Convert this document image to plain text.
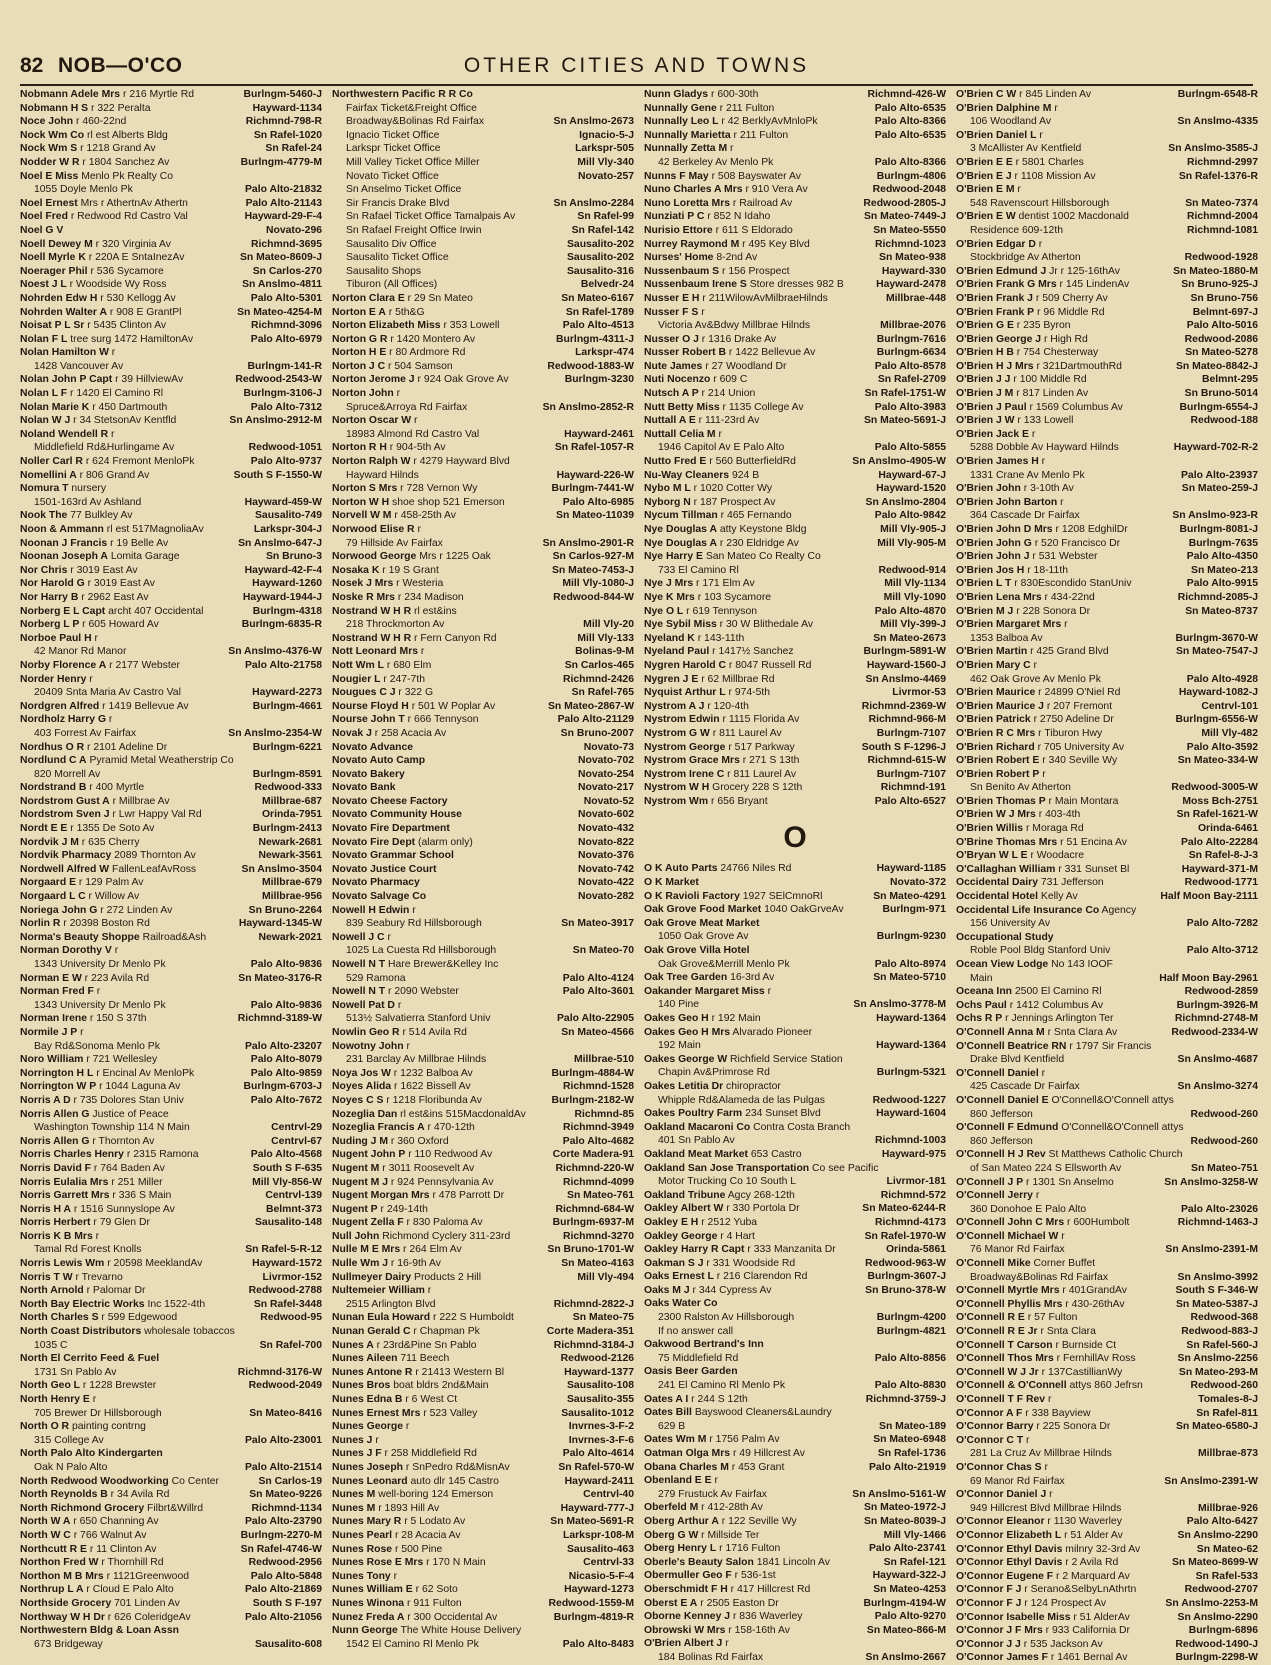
82 NOB—O'CO	OTHER CITIES AND TOWNS
Burlngm-5460-J
Nobmann Adele Mrs r 216 Myrtle Rd
Hayward-1134
Nobmann H S r 322 Peralta
Richmnd-798-R
Noce John r 460-22nd
Sn Rafel-1020
Nock Wm Co rl est Alberts Bldg
Sn Rafel-24
Nock Wm S r 1218 Grand Av
Burlngm-4779-M
Nodder W R r 1804 Sanchez Av
Noel E Miss Menlo Pk Realty Co
Palo Alto-21832
1055 Doyle Menlo Pk
Palo Alto-21143
Noel Ernest Mrs r AthertnAv Athertn
Hayward-29-F-4
Noel Fred r Redwood Rd Castro Val
Novato-296
Noel G V
Richmnd-3695
Noell Dewey M r 320 Virginia Av
Sn Mateo-8609-J
Noell Myrle K r 220A E SntaInezAv
Sn Carlos-270
Noerager Phil r 536 Sycamore
Sn Anslmo-4811
Noest J L r Woodside Wy Ross
Palo Alto-5301
Nohrden Edw H r 530 Kellogg Av
Sn Mateo-4254-M
Nohrden Walter A r 908 E GrantPl
Richmnd-3096
Noisat P L Sr r 5435 Clinton Av
Palo Alto-6979
Nolan F L tree surg 1472 HamiltonAv
Nolan Hamilton W r
Burlngm-141-R
1428 Vancouver Av
Redwood-2543-W
Nolan John P Capt r 39 HillviewAv
Burlngm-3106-J
Nolan L F r 1420 El Camino Rl
Palo Alto-7312
Nolan Marie K r 450 Dartmouth
Sn Anslmo-2912-M
Nolan W J r 34 StetsonAv Kentfld
Noland Wendell R r
Redwood-1051
Middlefield Rd&Hurlingame Av
Palo Alto-9737
Noller Carl R r 624 Fremont MenloPk
South S F-1550-W
Nomellini A r 806 Grand Av
Nomura T nursery
Hayward-459-W
1501-163rd Av Ashland
Sausalito-749
Nook The 77 Bulkley Av
Larkspr-304-J
Noon & Ammann rl est 517MagnoliaAv
Sn Anslmo-647-J
Noonan J Francis r 19 Belle Av
Sn Bruno-3
Noonan Joseph A Lomita Garage
Hayward-42-F-4
Nor Chris r 3019 East Av
Hayward-1260
Nor Harold G r 3019 East Av
Hayward-1944-J
Nor Harry B r 2962 East Av
Burlngm-4318
Norberg E L Capt archt 407 Occidental
Burlngm-6835-R
Norberg L P r 605 Howard Av
Norboe Paul H r
Sn Anslmo-4376-W
42 Manor Rd Manor
Palo Alto-21758
Norby Florence A r 2177 Webster
Norder Henry r
Hayward-2273
20409 Snta Maria Av Castro Val
Burlngm-4661
Nordgren Alfred r 1419 Bellevue Av
Nordholz Harry G r
Sn Anslmo-2354-W
403 Forrest Av Fairfax
Burlngm-6221
Nordhus O R r 2101 Adeline Dr
Nordlund C A Pyramid Metal Weatherstrip Co
Burlngm-8591
820 Morrell Av
Redwood-333
Nordstrand B r 400 Myrtle
Millbrae-687
Nordstrom Gust A r Millbrae Av
Orinda-7951
Nordstrom Sven J r Lwr Happy Val Rd
Burlngm-2413
Nordt E E r 1355 De Soto Av
Newark-2681
Nordvik J M r 635 Cherry
Newark-3561
Nordvik Pharmacy 2089 Thornton Av
Sn Anslmo-3504
Nordwell Alfred W FallenLeafAvRoss
Millbrae-679
Norgaard E r 129 Palm Av
Millbrae-956
Norgaard L C r Willow Av
Sn Bruno-2264
Noriega John G r 272 Linden Av
Hayward-1345-W
Norlin R r 20398 Boston Rd
Newark-2021
Norma's Beauty Shoppe Railroad&Ash
Norman Dorothy V r
Palo Alto-9836
1343 University Dr Menlo Pk
Sn Mateo-3176-R
Norman E W r 223 Avila Rd
Norman Fred F r
Palo Alto-9836
1343 University Dr Menlo Pk
Richmnd-3189-W
Norman Irene r 150 S 37th
Normile J P r
Palo Alto-23207
Bay Rd&Sonoma Menlo Pk
Palo Alto-8079
Noro William r 721 Wellesley
Palo Alto-9859
Norrington H L r Encinal Av MenloPk
Burlngm-6703-J
Norrington W P r 1044 Laguna Av
Palo Alto-7672
Norris A D r 735 Dolores Stan Univ
Norris Allen G Justice of Peace
Centrvl-29
Washington Township 114 N Main
Centrvl-67
Norris Allen G r Thornton Av
Palo Alto-4568
Norris Charles Henry r 2315 Ramona
South S F-635
Norris David F r 764 Baden Av
Mill Vly-856-W
Norris Eulalia Mrs r 251 Miller
Centrvl-139
Norris Garrett Mrs r 336 S Main
Belmnt-373
Norris H A r 1516 Sunnyslope Av
Sausalito-148
Norris Herbert r 79 Glen Dr
Norris K B Mrs r
Sn Rafel-5-R-12
Tamal Rd Forest Knolls
Hayward-1572
Norris Lewis Wm r 20598 MeeklandAv
Livrmor-152
Norris T W r Trevarno
Redwood-2788
North Arnold r Palomar Dr
Sn Rafel-3448
North Bay Electric Works Inc 1522-4th
Redwood-95
North Charles S r 599 Edgewood
North Coast Distributors wholesale tobaccos
Sn Rafel-700
1035 C
North El Cerrito Feed & Fuel
Richmnd-3176-W
1731 Sn Pablo Av
Redwood-2049
North Geo L r 1228 Brewster
North Henry E r
Sn Mateo-8416
705 Brewer Dr Hillsborough
North O R painting contrng
Palo Alto-23001
315 College Av
North Palo Alto Kindergarten
Palo Alto-21514
Oak N Palo Alto
Sn Carlos-19
North Redwood Woodworking Co Center
Sn Mateo-9226
North Reynolds B r 34 Avila Rd
Richmnd-1134
North Richmond Grocery Filbrt&Willrd
Palo Alto-23790
North W A r 650 Channing Av
Burlngm-2270-M
North W C r 766 Walnut Av
Sn Rafel-4746-W
Northcutt R E r 11 Clinton Av
Redwood-2956
Northon Fred W r Thornhill Rd
Palo Alto-5848
Northon M B Mrs r 1121Greenwood
Palo Alto-21869
Northrup L A r Cloud E Palo Alto
South S F-197
Northside Grocery 701 Linden Av
Palo Alto-21056
Northway W H Dr r 626 ColeridgeAv
Northwestern Bldg & Loan Assn
Sausalito-608
673 Bridgeway
Northwestern Pacific R R Co
Fairfax Ticket&Freight Office
Sn Anslmo-2673
Broadway&Bolinas Rd Fairfax
Ignacio-5-J
Ignacio Ticket Office
Larkspr-505
Larkspr Ticket Office
Mill Vly-340
Mill Valley Ticket Office Miller
Novato-257
Novato Ticket Office
Sn Anselmo Ticket Office
Sn Anslmo-2284
Sir Francis Drake Blvd
Sn Rafel-99
Sn Rafael Ticket Office Tamalpais Av
Sn Rafel-142
Sn Rafael Freight Office Irwin
Sausalito-202
Sausalito Div Office
Sausalito-202
Sausalito Ticket Office
Sausalito-316
Sausalito Shops
Belvedr-24
Tiburon (All Offices)
Sn Mateo-6167
Norton Clara E r 29 Sn Mateo
Sn Rafel-1789
Norton E A r 5th&G
Palo Alto-4513
Norton Elizabeth Miss r 353 Lowell
Burlngm-4311-J
Norton G R r 1420 Montero Av
Larkspr-474
Norton H E r 80 Ardmore Rd
Redwood-1883-W
Norton J C r 504 Samson
Burlngm-3230
Norton Jerome J r 924 Oak Grove Av
Norton John r
Sn Anslmo-2852-R
Spruce&Arroya Rd Fairfax
Norton Oscar W r
Hayward-2461
18983 Almond Rd Castro Val
Sn Rafel-1057-R
Norton R H r 904-5th Av
Norton Ralph W r 4279 Hayward Blvd
Hayward-226-W
Hayward Hilnds
Burlngm-7441-W
Norton S Mrs r 728 Vernon Wy
Palo Alto-6985
Norton W H shoe shop 521 Emerson
Sn Mateo-11039
Norvell W M r 458-25th Av
Norwood Elise R r
Sn Anslmo-2901-R
79 Hillside Av Fairfax
Sn Carlos-927-M
Norwood George Mrs r 1225 Oak
Sn Mateo-7453-J
Nosaka K r 19 S Grant
Mill Vly-1080-J
Nosek J Mrs r Westeria
Redwood-844-W
Noske R Mrs r 234 Madison
Nostrand W H R rl est&ins
Mill Vly-20
218 Throckmorton Av
Mill Vly-133
Nostrand W H R r Fern Canyon Rd
Bolinas-9-M
Nott Leonard Mrs r
Sn Carlos-465
Nott Wm L r 680 Elm
Richmnd-2426
Nougier L r 247-7th
Sn Rafel-765
Nougues C J r 322 G
Sn Mateo-2867-W
Nourse Floyd H r 501 W Poplar Av
Palo Alto-21129
Nourse John T r 666 Tennyson
Sn Bruno-2007
Novak J r 258 Acacia Av
Novato-73
Novato Advance
Novato-702
Novato Auto Camp
Novato-254
Novato Bakery
Novato-217
Novato Bank
Novato-52
Novato Cheese Factory
Novato-602
Novato Community House
Novato-432
Novato Fire Department
Novato-822
Novato Fire Dept (alarm only)
Novato-376
Novato Grammar School
Novato-742
Novato Justice Court
Novato-422
Novato Pharmacy
Novato-282
Novato Salvage Co
Nowell H Edwin r
Sn Mateo-3917
839 Seabury Rd Hillsborough
Nowell J C r
Sn Mateo-70
1025 La Cuesta Rd Hillsborough
Nowell N T Hare Brewer&Kelley Inc
Palo Alto-4124
529 Ramona
Palo Alto-3601
Nowell N T r 2090 Webster
Nowell Pat D r
Palo Alto-22905
513½ Salvatierra Stanford Univ
Sn Mateo-4566
Nowlin Geo R r 514 Avila Rd
Nowotny John r
Millbrae-510
231 Barclay Av Millbrae Hilnds
Burlngm-4884-W
Noya Jos W r 1232 Balboa Av
Richmnd-1528
Noyes Alida r 1622 Bissell Av
Burlngm-2182-W
Noyes C S r 1218 Floribunda Av
Richmnd-85
Nozeglia Dan rl est&ins 515MacdonaldAv
Richmnd-3949
Nozeglia Francis A r 470-12th
Palo Alto-4682
Nuding J M r 360 Oxford
Corte Madera-91
Nugent John P r 110 Redwood Av
Richmnd-220-W
Nugent M r 3011 Roosevelt Av
Richmnd-4099
Nugent M J r 924 Pennsylvania Av
Sn Mateo-761
Nugent Morgan Mrs r 478 Parrott Dr
Richmnd-684-W
Nugent P r 249-14th
Burlngm-6937-M
Nugent Zella F r 830 Paloma Av
Richmnd-3270
Null John Richmond Cyclery 311-23rd
Sn Bruno-1701-W
Nulle M E Mrs r 264 Elm Av
Sn Mateo-4163
Nulle Wm J r 16-9th Av
Mill Vly-494
Nullmeyer Dairy Products 2 Hill
Nultemeier William r
Richmnd-2822-J
2515 Arlington Blvd
Sn Mateo-75
Nunan Eula Howard r 222 S Humboldt
Corte Madera-351
Nunan Gerald C r Chapman Pk
Richmnd-3184-J
Nunes A r 23rd&Pine Sn Pablo
Redwood-2126
Nunes Aileen 711 Beech
Hayward-1377
Nunes Antone R r 21413 Western Bl
Sausalito-108
Nunes Bros boat bldrs 2nd&Main
Sausalito-355
Nunes Edna B r 6 West Ct
Sausalito-1012
Nunes Ernest Mrs r 523 Valley
Invrnes-3-F-2
Nunes George r
Invrnes-3-F-6
Nunes J r
Palo Alto-4614
Nunes J F r 258 Middlefield Rd
Sn Rafel-570-W
Nunes Joseph r SnPedro Rd&MisnAv
Hayward-2411
Nunes Leonard auto dlr 145 Castro
Centrvl-40
Nunes M well-boring 124 Emerson
Hayward-777-J
Nunes M r 1893 Hill Av
Sn Mateo-5691-R
Nunes Mary R r 5 Lodato Av
Larkspr-108-M
Nunes Pearl r 28 Acacia Av
Sausalito-463
Nunes Rose r 500 Pine
Centrvl-33
Nunes Rose E Mrs r 170 N Main
Nicasio-5-F-4
Nunes Tony r
Hayward-1273
Nunes William E r 62 Soto
Redwood-1559-M
Nunes Winona r 911 Fulton
Burlngm-4819-R
Nunez Freda A r 300 Occidental Av
Nunn George The White House Delivery
Palo Alto-8483
1542 El Camino Rl Menlo Pk
Richmnd-426-W
Nunn Gladys r 600-30th
Palo Alto-6535
Nunnally Gene r 211 Fulton
Palo Alto-8366
Nunnally Leo L r 42 BerklyAvMnloPk
Palo Alto-6535
Nunnally Marietta r 211 Fulton
Nunnally Zetta M r
Palo Alto-8366
42 Berkeley Av Menlo Pk
Burlngm-4806
Nunns F May r 508 Bayswater Av
Redwood-2048
Nuno Charles A Mrs r 910 Vera Av
Redwood-2805-J
Nuno Loretta Mrs r Railroad Av
Sn Mateo-7449-J
Nunziati P C r 852 N Idaho
Sn Mateo-5550
Nurisio Ettore r 611 S Eldorado
Richmnd-1023
Nurrey Raymond M r 495 Key Blvd
Sn Mateo-938
Nurses' Home 8-2nd Av
Hayward-330
Nussenbaum S r 156 Prospect
Hayward-2478
Nussenbaum Irene S Store dresses 982 B
Millbrae-448
Nusser E H r 211WilowAvMilbraeHilnds
Nusser F S r
Millbrae-2076
Victoria Av&Bdwy Millbrae Hilnds
Burlngm-7616
Nusser O J r 1316 Drake Av
Burlngm-6634
Nusser Robert B r 1422 Bellevue Av
Palo Alto-8578
Nute James r 27 Woodland Dr
Sn Rafel-2709
Nuti Nocenzo r 609 C
Sn Rafel-1751-W
Nutsch A P r 214 Union
Palo Alto-3983
Nutt Betty Miss r 1135 College Av
Sn Mateo-5691-J
Nuttall A E r 111-23rd Av
Nuttall Celia M r
Palo Alto-5855
1946 Capitol Av E Palo Alto
Sn Anslmo-4905-W
Nutto Fred E r 560 ButterfieldRd
Hayward-67-J
Nu-Way Cleaners 924 B
Hayward-1520
Nybo M L r 1020 Cotter Wy
Sn Anslmo-2804
Nyborg N r 187 Prospect Av
Palo Alto-9842
Nycum Tillman r 465 Fernando
Mill Vly-905-J
Nye Douglas A atty Keystone Bldg
Mill Vly-905-M
Nye Douglas A r 230 Eldridge Av
Nye Harry E San Mateo Co Realty Co
Redwood-914
733 El Camino Rl
Mill Vly-1134
Nye J Mrs r 171 Elm Av
Mill Vly-1090
Nye K Mrs r 103 Sycamore
Palo Alto-4870
Nye O L r 619 Tennyson
Mill Vly-399-J
Nye Sybil Miss r 30 W Blithedale Av
Sn Mateo-2673
Nyeland K r 143-11th
Burlngm-5891-W
Nyeland Paul r 1417½ Sanchez
Hayward-1560-J
Nygren Harold C r 8047 Russell Rd
Sn Anslmo-4469
Nygren J E r 62 Millbrae Rd
Livrmor-53
Nyquist Arthur L r 974-5th
Richmnd-2369-W
Nystrom A J r 120-4th
Richmnd-966-M
Nystrom Edwin r 1115 Florida Av
Burlngm-7107
Nystrom G W r 811 Laurel Av
South S F-1296-J
Nystrom George r 517 Parkway
Richmnd-615-W
Nystrom Grace Mrs r 271 S 13th
Burlngm-7107
Nystrom Irene C r 811 Laurel Av
Richmnd-191
Nystrom W H Grocery 228 S 12th
Palo Alto-6527
Nystrom Wm r 656 Bryant
O
Hayward-1185
O K Auto Parts 24766 Niles Rd
Novato-372
O K Market
Sn Mateo-4291
O K Ravioli Factory 1927 SElCmnoRl
Burlngm-971
Oak Grove Food Market 1040 OakGrveAv
Oak Grove Meat Market
Burlngm-9230
1050 Oak Grove Av
Oak Grove Villa Hotel
Palo Alto-8974
Oak Grove&Merrill Menlo Pk
Sn Mateo-5710
Oak Tree Garden 16-3rd Av
Oakander Margaret Miss r
Sn Anslmo-3778-M
140 Pine
Hayward-1364
Oakes Geo H r 192 Main
Oakes Geo H Mrs Alvarado Pioneer
Hayward-1364
192 Main
Oakes George W Richfield Service Station
Burlngm-5321
Chapin Av&Primrose Rd
Oakes Letitia Dr chiropractor
Redwood-1227
Whipple Rd&Alameda de las Pulgas
Hayward-1604
Oakes Poultry Farm 234 Sunset Blvd
Oakland Macaroni Co Contra Costa Branch
Richmnd-1003
401 Sn Pablo Av
Hayward-975
Oakland Meat Market 653 Castro
Oakland San Jose Transportation Co see Pacific
Livrmor-181
Motor Trucking Co 10 South L
Richmnd-572
Oakland Tribune Agcy 268-12th
Sn Mateo-6244-R
Oakley Albert W r 330 Portola Dr
Richmnd-4173
Oakley E H r 2512 Yuba
Sn Rafel-1970-W
Oakley George r 4 Hart
Orinda-5861
Oakley Harry R Capt r 333 Manzanita Dr
Redwood-963-W
Oakman S J r 331 Woodside Rd
Burlngm-3607-J
Oaks Ernest L r 216 Clarendon Rd
Sn Bruno-378-W
Oaks M J r 344 Cypress Av
Oaks Water Co
Burlngm-4200
2300 Ralston Av Hillsborough
Burlngm-4821
If no answer call
Oakwood Bertrand's Inn
Palo Alto-8856
75 Middlefield Rd
Oasis Beer Garden
Palo Alto-8830
241 El Camino Rl Menlo Pk
Richmnd-3759-J
Oates A I r 244 S 12th
Oates Bill Bayswood Cleaners&Laundry
Sn Mateo-189
629 B
Sn Mateo-6948
Oates Wm M r 1756 Palm Av
Sn Rafel-1736
Oatman Olga Mrs r 49 Hillcrest Av
Palo Alto-21919
Obana Charles M r 453 Grant
Obenland E E r
Sn Anslmo-5161-W
279 Frustuck Av Fairfax
Sn Mateo-1972-J
Oberfeld M r 412-28th Av
Sn Mateo-8039-J
Oberg Arthur A r 122 Seville Wy
Mill Vly-1466
Oberg G W r Millside Ter
Palo Alto-23741
Oberg Henry L r 1716 Fulton
Sn Rafel-121
Oberle's Beauty Salon 1841 Lincoln Av
Hayward-322-J
Obermuller Geo F r 536-1st
Sn Mateo-4253
Oberschmidt F H r 417 Hillcrest Rd
Burlngm-4194-W
Oberst E A r 2505 Easton Dr
Palo Alto-9270
Oborne Kenney J r 836 Waverley
Sn Mateo-866-M
Obrowski W Mrs r 158-16th Av
O'Brien Albert J r
Sn Anslmo-2667
184 Bolinas Rd Fairfax
Burlngm-6548-R
O'Brien C W r 845 Linden Av
O'Brien Dalphine M r
Sn Anslmo-4335
106 Woodland Av
O'Brien Daniel L r
Sn Anslmo-3585-J
3 McAllister Av Kentfield
Richmnd-2997
O'Brien E E r 5801 Charles
Sn Rafel-1376-R
O'Brien E J r 1108 Mission Av
O'Brien E M r
Sn Mateo-7374
548 Ravenscourt Hillsborough
Richmnd-2004
O'Brien E W dentist 1002 Macdonald
Richmnd-1081
Residence 609-12th
O'Brien Edgar D r
Redwood-1928
Stockbridge Av Atherton
Sn Mateo-1880-M
O'Brien Edmund J Jr r 125-16thAv
Sn Bruno-925-J
O'Brien Frank G Mrs r 145 LindenAv
Sn Bruno-756
O'Brien Frank J r 509 Cherry Av
Belmnt-697-J
O'Brien Frank P r 96 Middle Rd
Palo Alto-5016
O'Brien G E r 235 Byron
Redwood-2086
O'Brien George J r High Rd
Sn Mateo-5278
O'Brien H B r 754 Chesterway
Sn Mateo-8842-J
O'Brien H J Mrs r 321DartmouthRd
Belmnt-295
O'Brien J J r 100 Middle Rd
Sn Bruno-5014
O'Brien J M r 817 Linden Av
Burlngm-6554-J
O'Brien J Paul r 1569 Columbus Av
Redwood-188
O'Brien J W r 133 Lowell
O'Brien Jack E r
Hayward-702-R-2
5288 Dobble Av Hayward Hilnds
O'Brien James H r
Palo Alto-23937
1331 Crane Av Menlo Pk
Sn Mateo-259-J
O'Brien John r 3-10th Av
O'Brien John Barton r
Sn Anslmo-923-R
364 Cascade Dr Fairfax
Burlngm-8081-J
O'Brien John D Mrs r 1208 EdghilDr
Burlngm-7635
O'Brien John G r 520 Francisco Dr
Palo Alto-4350
O'Brien John J r 531 Webster
Sn Mateo-213
O'Brien Jos H r 18-11th
Palo Alto-9915
O'Brien L T r 830Escondido StanUniv
Richmnd-2085-J
O'Brien Lena Mrs r 434-22nd
Sn Mateo-8737
O'Brien M J r 228 Sonora Dr
O'Brien Margaret Mrs r
Burlngm-3670-W
1353 Balboa Av
Sn Mateo-7547-J
O'Brien Martin r 425 Grand Blvd
O'Brien Mary C r
Palo Alto-4928
462 Oak Grove Av Menlo Pk
Hayward-1082-J
O'Brien Maurice r 24899 O'Niel Rd
Centrvl-101
O'Brien Maurice J r 207 Fremont
Burlngm-6556-W
O'Brien Patrick r 2750 Adeline Dr
Mill Vly-482
O'Brien R C Mrs r Tiburon Hwy
Palo Alto-3592
O'Brien Richard r 705 University Av
Sn Mateo-334-W
O'Brien Robert E r 340 Seville Wy
O'Brien Robert P r
Redwood-3005-W
Sn Benito Av Atherton
Moss Bch-2751
O'Brien Thomas P r Main Montara
Sn Rafel-1621-W
O'Brien W J Mrs r 403-4th
Orinda-6461
O'Brien Willis r Moraga Rd
Palo Alto-22284
O'Brine Thomas Mrs r 51 Encina Av
Sn Rafel-8-J-3
O'Bryan W L E r Woodacre
Hayward-371-M
O'Callaghan William r 331 Sunset Bl
Redwood-1771
Occidental Dairy 731 Jefferson
Half Moon Bay-2111
Occidental Hotel Kelly Av
Occidental Life Insurance Co Agency
Palo Alto-7282
156 University Av
Occupational Study
Palo Alto-3712
Roble Pool Bldg Stanford Univ
Ocean View Lodge No 143 IOOF
Half Moon Bay-2961
Main
Redwood-2859
Oceana Inn 2500 El Camino Rl
Burlngm-3926-M
Ochs Paul r 1412 Columbus Av
Richmnd-2748-M
Ochs R P r Jennings Arlington Ter
Redwood-2334-W
O'Connell Anna M r Snta Clara Av
O'Connell Beatrice RN r 1797 Sir Francis
Sn Anslmo-4687
Drake Blvd Kentfield
O'Connell Daniel r
Sn Anslmo-3274
425 Cascade Dr Fairfax
O'Connell Daniel E O'Connell&O'Connell attys
Redwood-260
860 Jefferson
O'Connell F Edmund O'Connell&O'Connell attys
Redwood-260
860 Jefferson
O'Connell H J Rev St Matthews Catholic Church
Sn Mateo-751
of San Mateo 224 S Ellsworth Av
Sn Anslmo-3258-W
O'Connell J P r 1301 Sn Anselmo
O'Connell Jerry r
Palo Alto-23026
360 Donohoe E Palo Alto
Richmnd-1463-J
O'Connell John C Mrs r 600Humbolt
O'Connell Michael W r
Sn Anslmo-2391-M
76 Manor Rd Fairfax
O'Connell Mike Corner Buffet
Sn Anslmo-3992
Broadway&Bolinas Rd Fairfax
South S F-346-W
O'Connell Myrtle Mrs r 401GrandAv
Sn Mateo-5387-J
O'Connell Phyllis Mrs r 430-26thAv
Redwood-368
O'Connell R E r 57 Fulton
Redwood-883-J
O'Connell R E Jr r Snta Clara
Sn Rafel-560-J
O'Connell T Carson r Burnside Ct
Sn Anslmo-2256
O'Connell Thos Mrs r FernhillAv Ross
Sn Mateo-293-M
O'Connell W J Jr r 137CastillianWy
Redwood-260
O'Connell & O'Connell attys 860 Jefrsn
Tomales-8-J
O'Connell T F Rev r
Sn Rafel-811
O'Connor A F r 338 Bayview
Sn Mateo-6580-J
O'Connor Barry r 225 Sonora Dr
O'Connor C T r
Millbrae-873
281 La Cruz Av Millbrae Hilnds
O'Connor Chas S r
Sn Anslmo-2391-W
69 Manor Rd Fairfax
O'Connor Daniel J r
Millbrae-926
949 Hillcrest Blvd Millbrae Hilnds
Palo Alto-6427
O'Connor Eleanor r 1130 Waverley
Sn Anslmo-2290
O'Connor Elizabeth L r 51 Alder Av
Sn Mateo-62
O'Connor Ethyl Davis milnry 32-3rd Av
Sn Mateo-8699-W
O'Connor Ethyl Davis r 2 Avila Rd
Sn Rafel-533
O'Connor Eugene F r 2 Marquard Av
Redwood-2707
O'Connor F J r Serano&SelbyLnAthrtn
Sn Anslmo-2253-M
O'Connor F J r 124 Prospect Av
Sn Anslmo-2290
O'Connor Isabelle Miss r 51 AlderAv
Burlngm-6896
O'Connor J F Mrs r 933 California Dr
Redwood-1490-J
O'Connor J J r 535 Jackson Av
Burlngm-2298-W
O'Connor James F r 1461 Bernal Av
